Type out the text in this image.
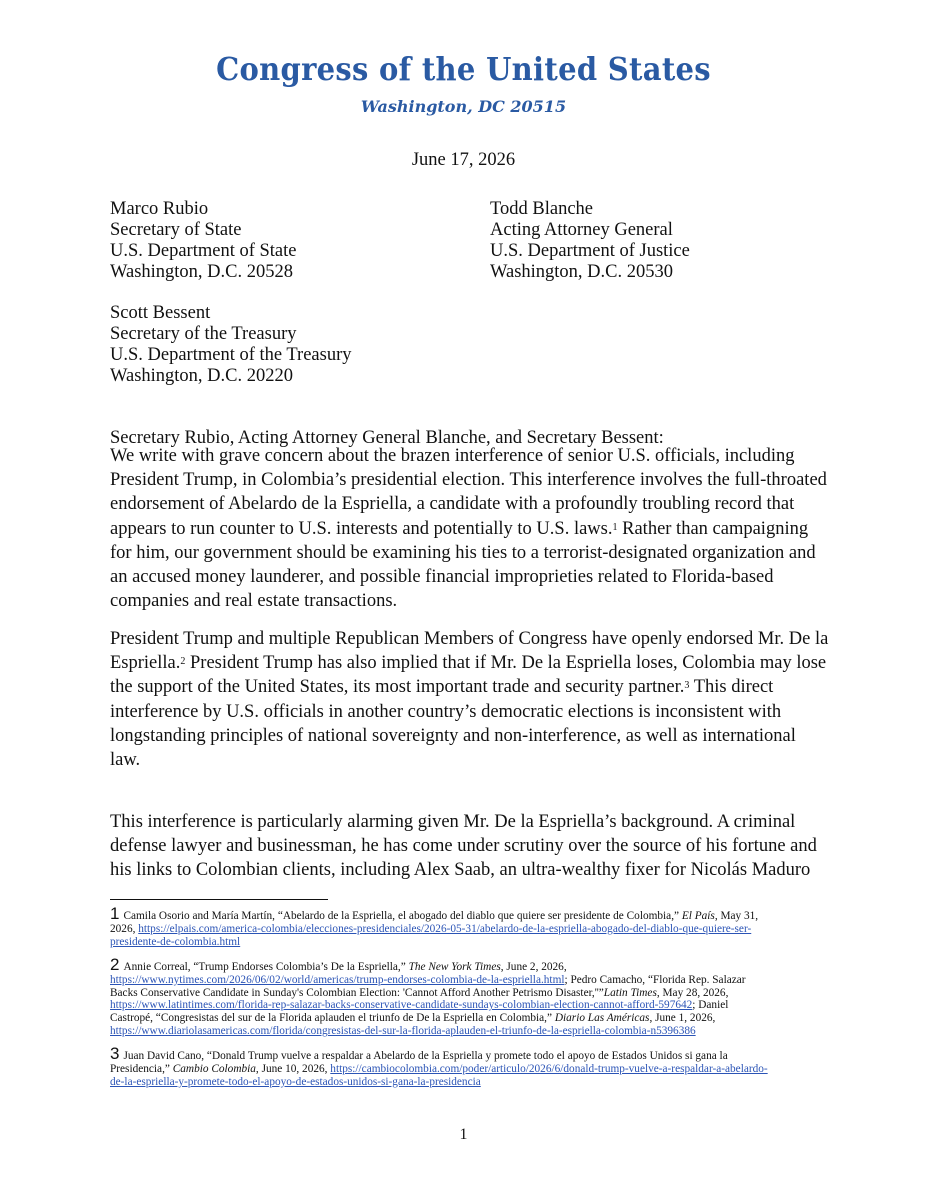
Congress of the United States
Washington, DC 20515
June 17, 2026
Marco Rubio
Secretary of State
U.S. Department of State
Washington, D.C. 20528
Todd Blanche
Acting Attorney General
U.S. Department of Justice
Washington, D.C. 20530
Scott Bessent
Secretary of the Treasury
U.S. Department of the Treasury
Washington, D.C. 20220
Secretary Rubio, Acting Attorney General Blanche, and Secretary Bessent:

We write with grave concern about the brazen interference of senior U.S. officials, including
President Trump, in Colombia’s presidential election. This interference involves the full-throated
endorsement of Abelardo de la Espriella, a candidate with a profoundly troubling record that
appears to run counter to U.S. interests and potentially to U.S. laws.$^1$ Rather than campaigning
for him, our government should be examining his ties to a terrorist-designated organization and
an accused money launderer, and possible financial improprieties related to Florida-based
companies and real estate transactions.

President Trump and multiple Republican Members of Congress have openly endorsed Mr. De la
Espriella.$^2$ President Trump has also implied that if Mr. De la Espriella loses, Colombia may lose
the support of the United States, its most important trade and security partner.$^3$ This direct
interference by U.S. officials in another country’s democratic elections is inconsistent with
longstanding principles of national sovereignty and non-interference, as well as international
law.

This interference is particularly alarming given Mr. De la Espriella’s background. A criminal
defense lawyer and businessman, he has come under scrutiny over the source of his fortune and
his links to Colombian clients, including Alex Saab, an ultra-wealthy fixer for Nicolás Maduro

1 Camila Osorio and María Martín, “Abelardo de la Espriella, el abogado del diablo que quiere ser presidente de Colombia,” El País, May 31,
2026, https://elpais.com/america-colombia/elecciones-presidenciales/2026-05-31/abelardo-de-la-espriella-abogado-del-diablo-que-quiere-ser-
presidente-de-colombia.html
2 Annie Correal, “Trump Endorses Colombia’s De la Espriella,” The New York Times, June 2, 2026,
https://www.nytimes.com/2026/06/02/world/americas/trump-endorses-colombia-de-la-espriella.html; Pedro Camacho, “Florida Rep. Salazar
Backs Conservative Candidate in Sunday's Colombian Election: 'Cannot Afford Another Petrismo Disaster,''”Latin Times, May 28, 2026,
https://www.latintimes.com/florida-rep-salazar-backs-conservative-candidate-sundays-colombian-election-cannot-afford-597642; Daniel
Castropé, “Congresistas del sur de la Florida aplauden el triunfo de De la Espriella en Colombia,” Diario Las Américas, June 1, 2026,
https://www.diariolasamericas.com/florida/congresistas-del-sur-la-florida-aplauden-el-triunfo-de-la-espriella-colombia-n5396386
3 Juan David Cano, “Donald Trump vuelve a respaldar a Abelardo de la Espriella y promete todo el apoyo de Estados Unidos si gana la
Presidencia,” Cambio Colombia, June 10, 2026, https://cambiocolombia.com/poder/articulo/2026/6/donald-trump-vuelve-a-respaldar-a-abelardo-
de-la-espriella-y-promete-todo-el-apoyo-de-estados-unidos-si-gana-la-presidencia
1
